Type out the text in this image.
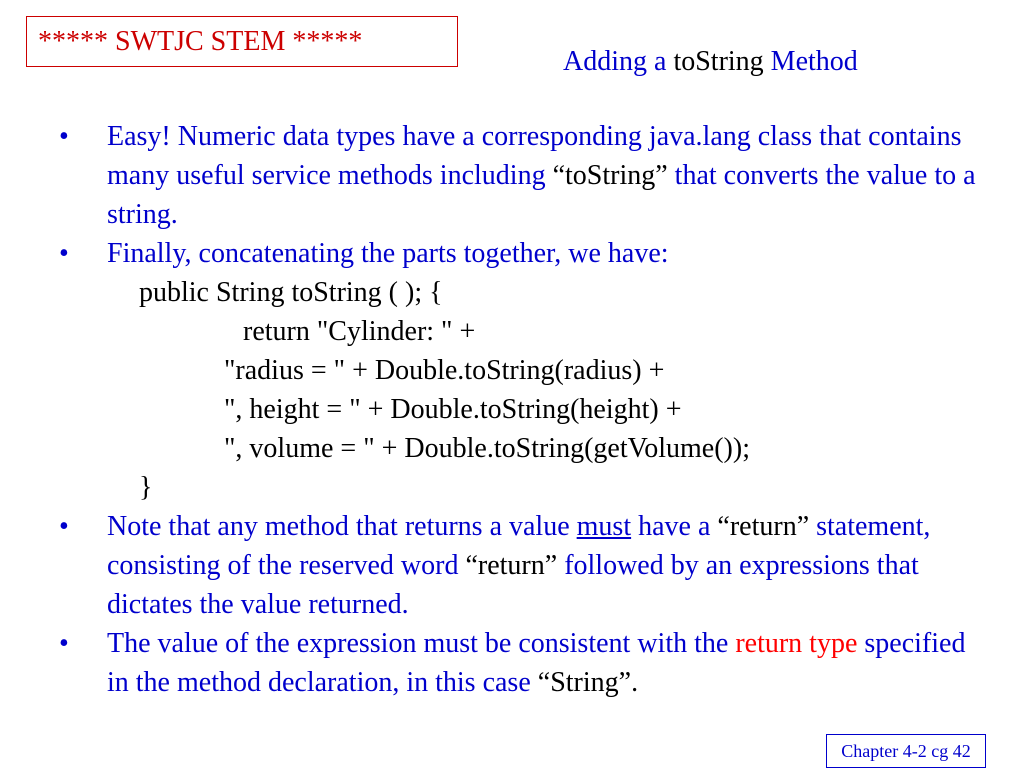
***** SWTJC STEM *****
Adding a toString Method
• Easy! Numeric data types have a corresponding java.lang class that contains many useful service methods including “toString” that converts the value to a string.
• Finally, concatenating the parts together, we have:
public String toString ( ); {
return "Cylinder: " +
"radius = " + Double.toString(radius) +
", height = " + Double.toString(height) +
", volume = " + Double.toString(getVolume());
}
• Note that any method that returns a value must have a “return” statement, consisting of the reserved word “return” followed by an expressions that dictates the value returned.
• The value of the expression must be consistent with the return type specified in the method declaration, in this case “String”.
Chapter 4-2 cg 42
